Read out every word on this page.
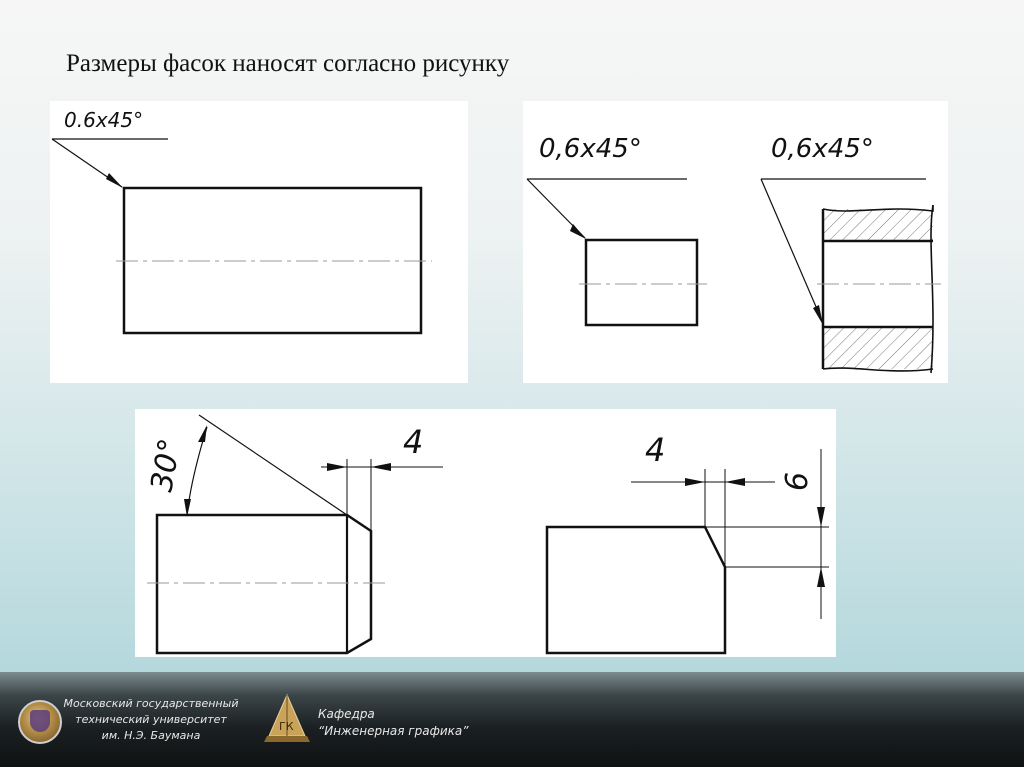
Размеры фасок наносят согласно рисунку
0.6x45°
0,6x45°	0,6x45°
30°	4	4
6
Московский государственный
технический университет
им. Н.Э. Баумана
ГК
Кафедра
“Инженерная графика”
